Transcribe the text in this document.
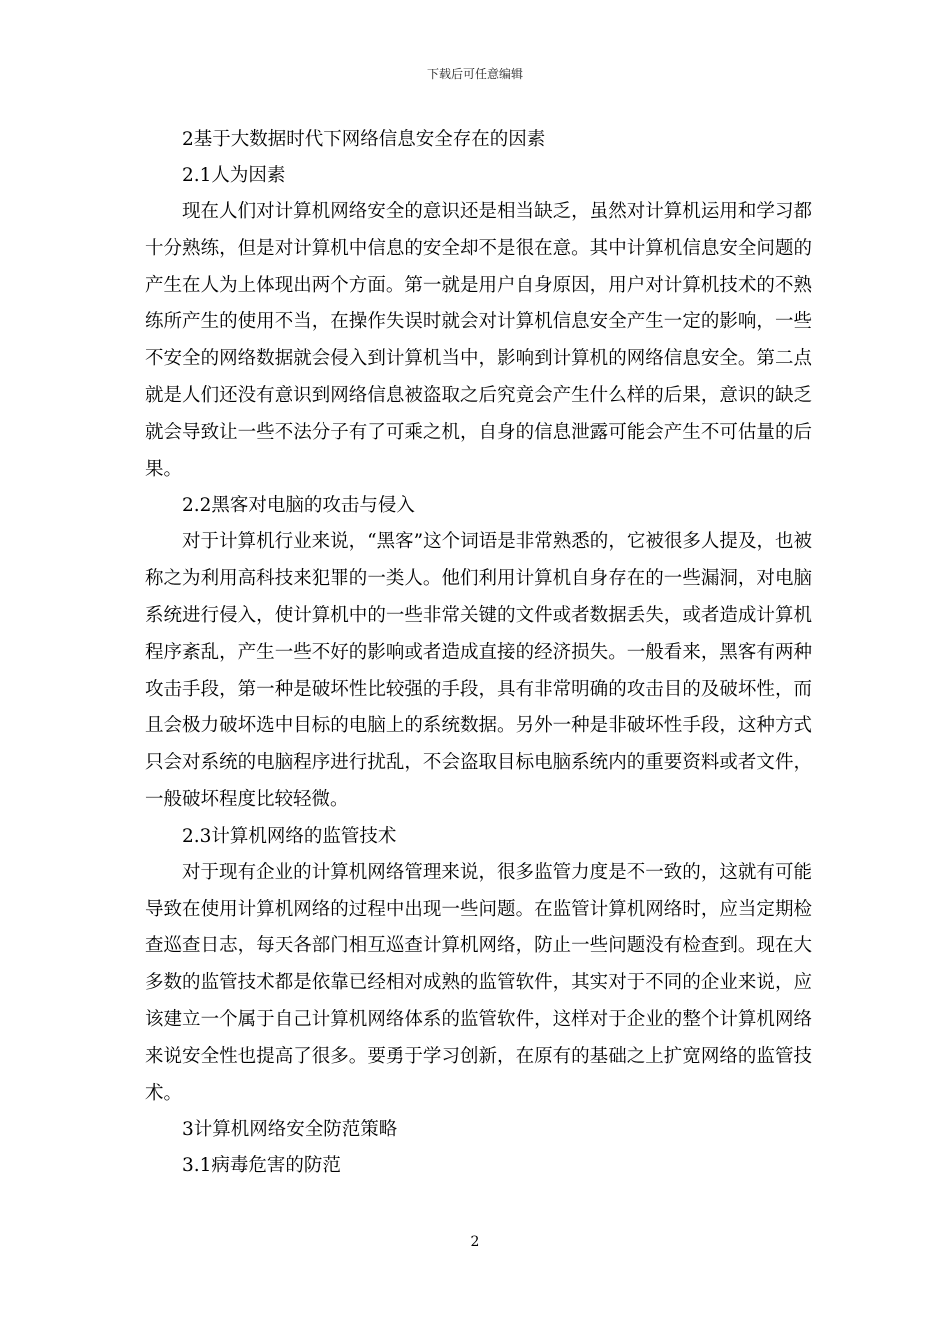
下载后可任意编辑

2基于大数据时代下网络信息安全存在的因素

2.1人为因素

现在人们对计算机网络安全的意识还是相当缺乏，虽然对计算机运用和学习都十分熟练，但是对计算机中信息的安全却不是很在意。其中计算机信息安全问题的产生在人为上体现出两个方面。第一就是用户自身原因，用户对计算机技术的不熟练所产生的使用不当，在操作失误时就会对计算机信息安全产生一定的影响，一些不安全的网络数据就会侵入到计算机当中，影响到计算机的网络信息安全。第二点就是人们还没有意识到网络信息被盗取之后究竟会产生什么样的后果，意识的缺乏就会导致让一些不法分子有了可乘之机，自身的信息泄露可能会产生不可估量的后果。

2.2黑客对电脑的攻击与侵入

对于计算机行业来说，“黑客”这个词语是非常熟悉的，它被很多人提及，也被称之为利用高科技来犯罪的一类人。他们利用计算机自身存在的一些漏洞，对电脑系统进行侵入，使计算机中的一些非常关键的文件或者数据丢失，或者造成计算机程序紊乱，产生一些不好的影响或者造成直接的经济损失。一般看来，黑客有两种攻击手段，第一种是破坏性比较强的手段，具有非常明确的攻击目的及破坏性，而且会极力破坏选中目标的电脑上的系统数据。另外一种是非破坏性手段，这种方式只会对系统的电脑程序进行扰乱，不会盗取目标电脑系统内的重要资料或者文件，一般破坏程度比较轻微。

2.3计算机网络的监管技术

对于现有企业的计算机网络管理来说，很多监管力度是不一致的，这就有可能导致在使用计算机网络的过程中出现一些问题。在监管计算机网络时，应当定期检查巡查日志，每天各部门相互巡查计算机网络，防止一些问题没有检查到。现在大多数的监管技术都是依靠已经相对成熟的监管软件，其实对于不同的企业来说，应该建立一个属于自己计算机网络体系的监管软件，这样对于企业的整个计算机网络来说安全性也提高了很多。要勇于学习创新，在原有的基础之上扩宽网络的监管技术。

3计算机网络安全防范策略

3.1病毒危害的防范

2
